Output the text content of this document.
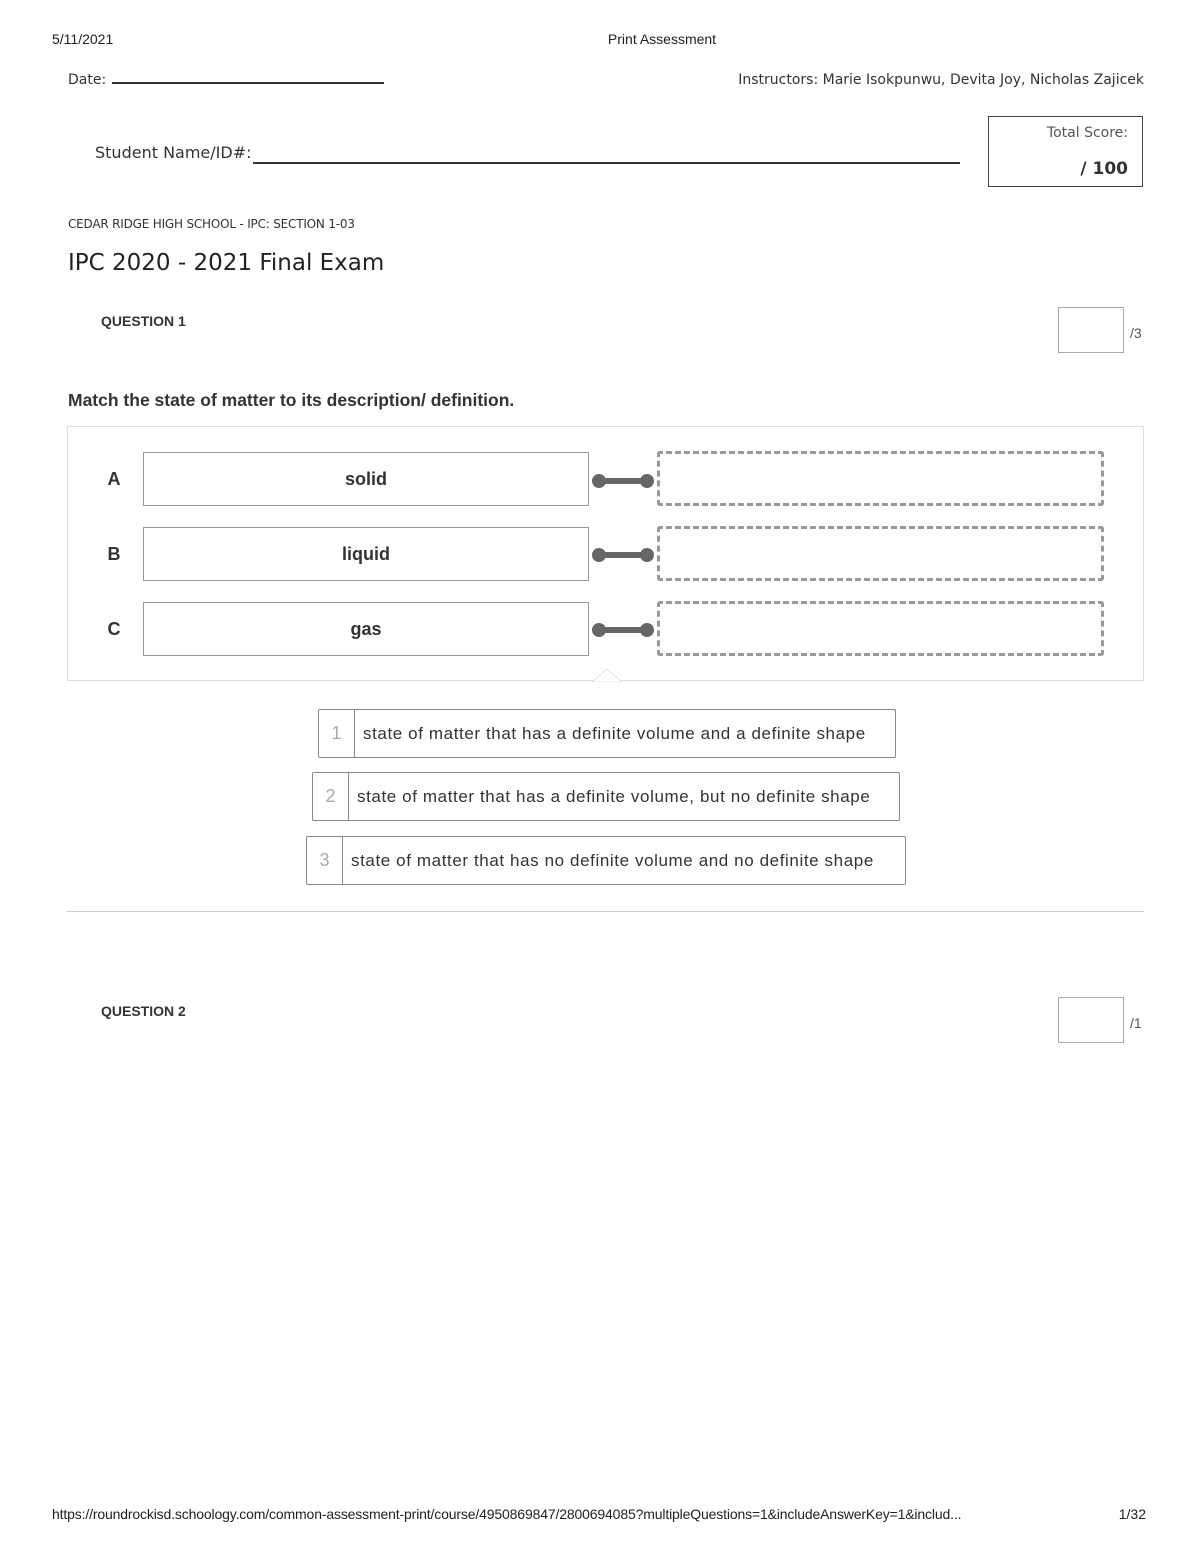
5/11/2021	Print Assessment
Date:	Instructors: Marie Isokpunwu, Devita Joy, Nicholas Zajicek
Student Name/ID#:
Total Score:
/ 100
CEDAR RIDGE HIGH SCHOOL - IPC: SECTION 1-03
IPC 2020 - 2021 Final Exam
QUESTION 1
/3
Match the state of matter to its description/ definition.
A	solid
B	liquid
C	gas
1	state of matter that has a definite volume and a definite shape
2	state of matter that has a definite volume, but no definite shape
3	state of matter that has no definite volume and no definite shape
QUESTION 2
/1
https://roundrockisd.schoology.com/common-assessment-print/course/4950869847/2800694085?multipleQuestions=1&includeAnswerKey=1&includ...	1/32
